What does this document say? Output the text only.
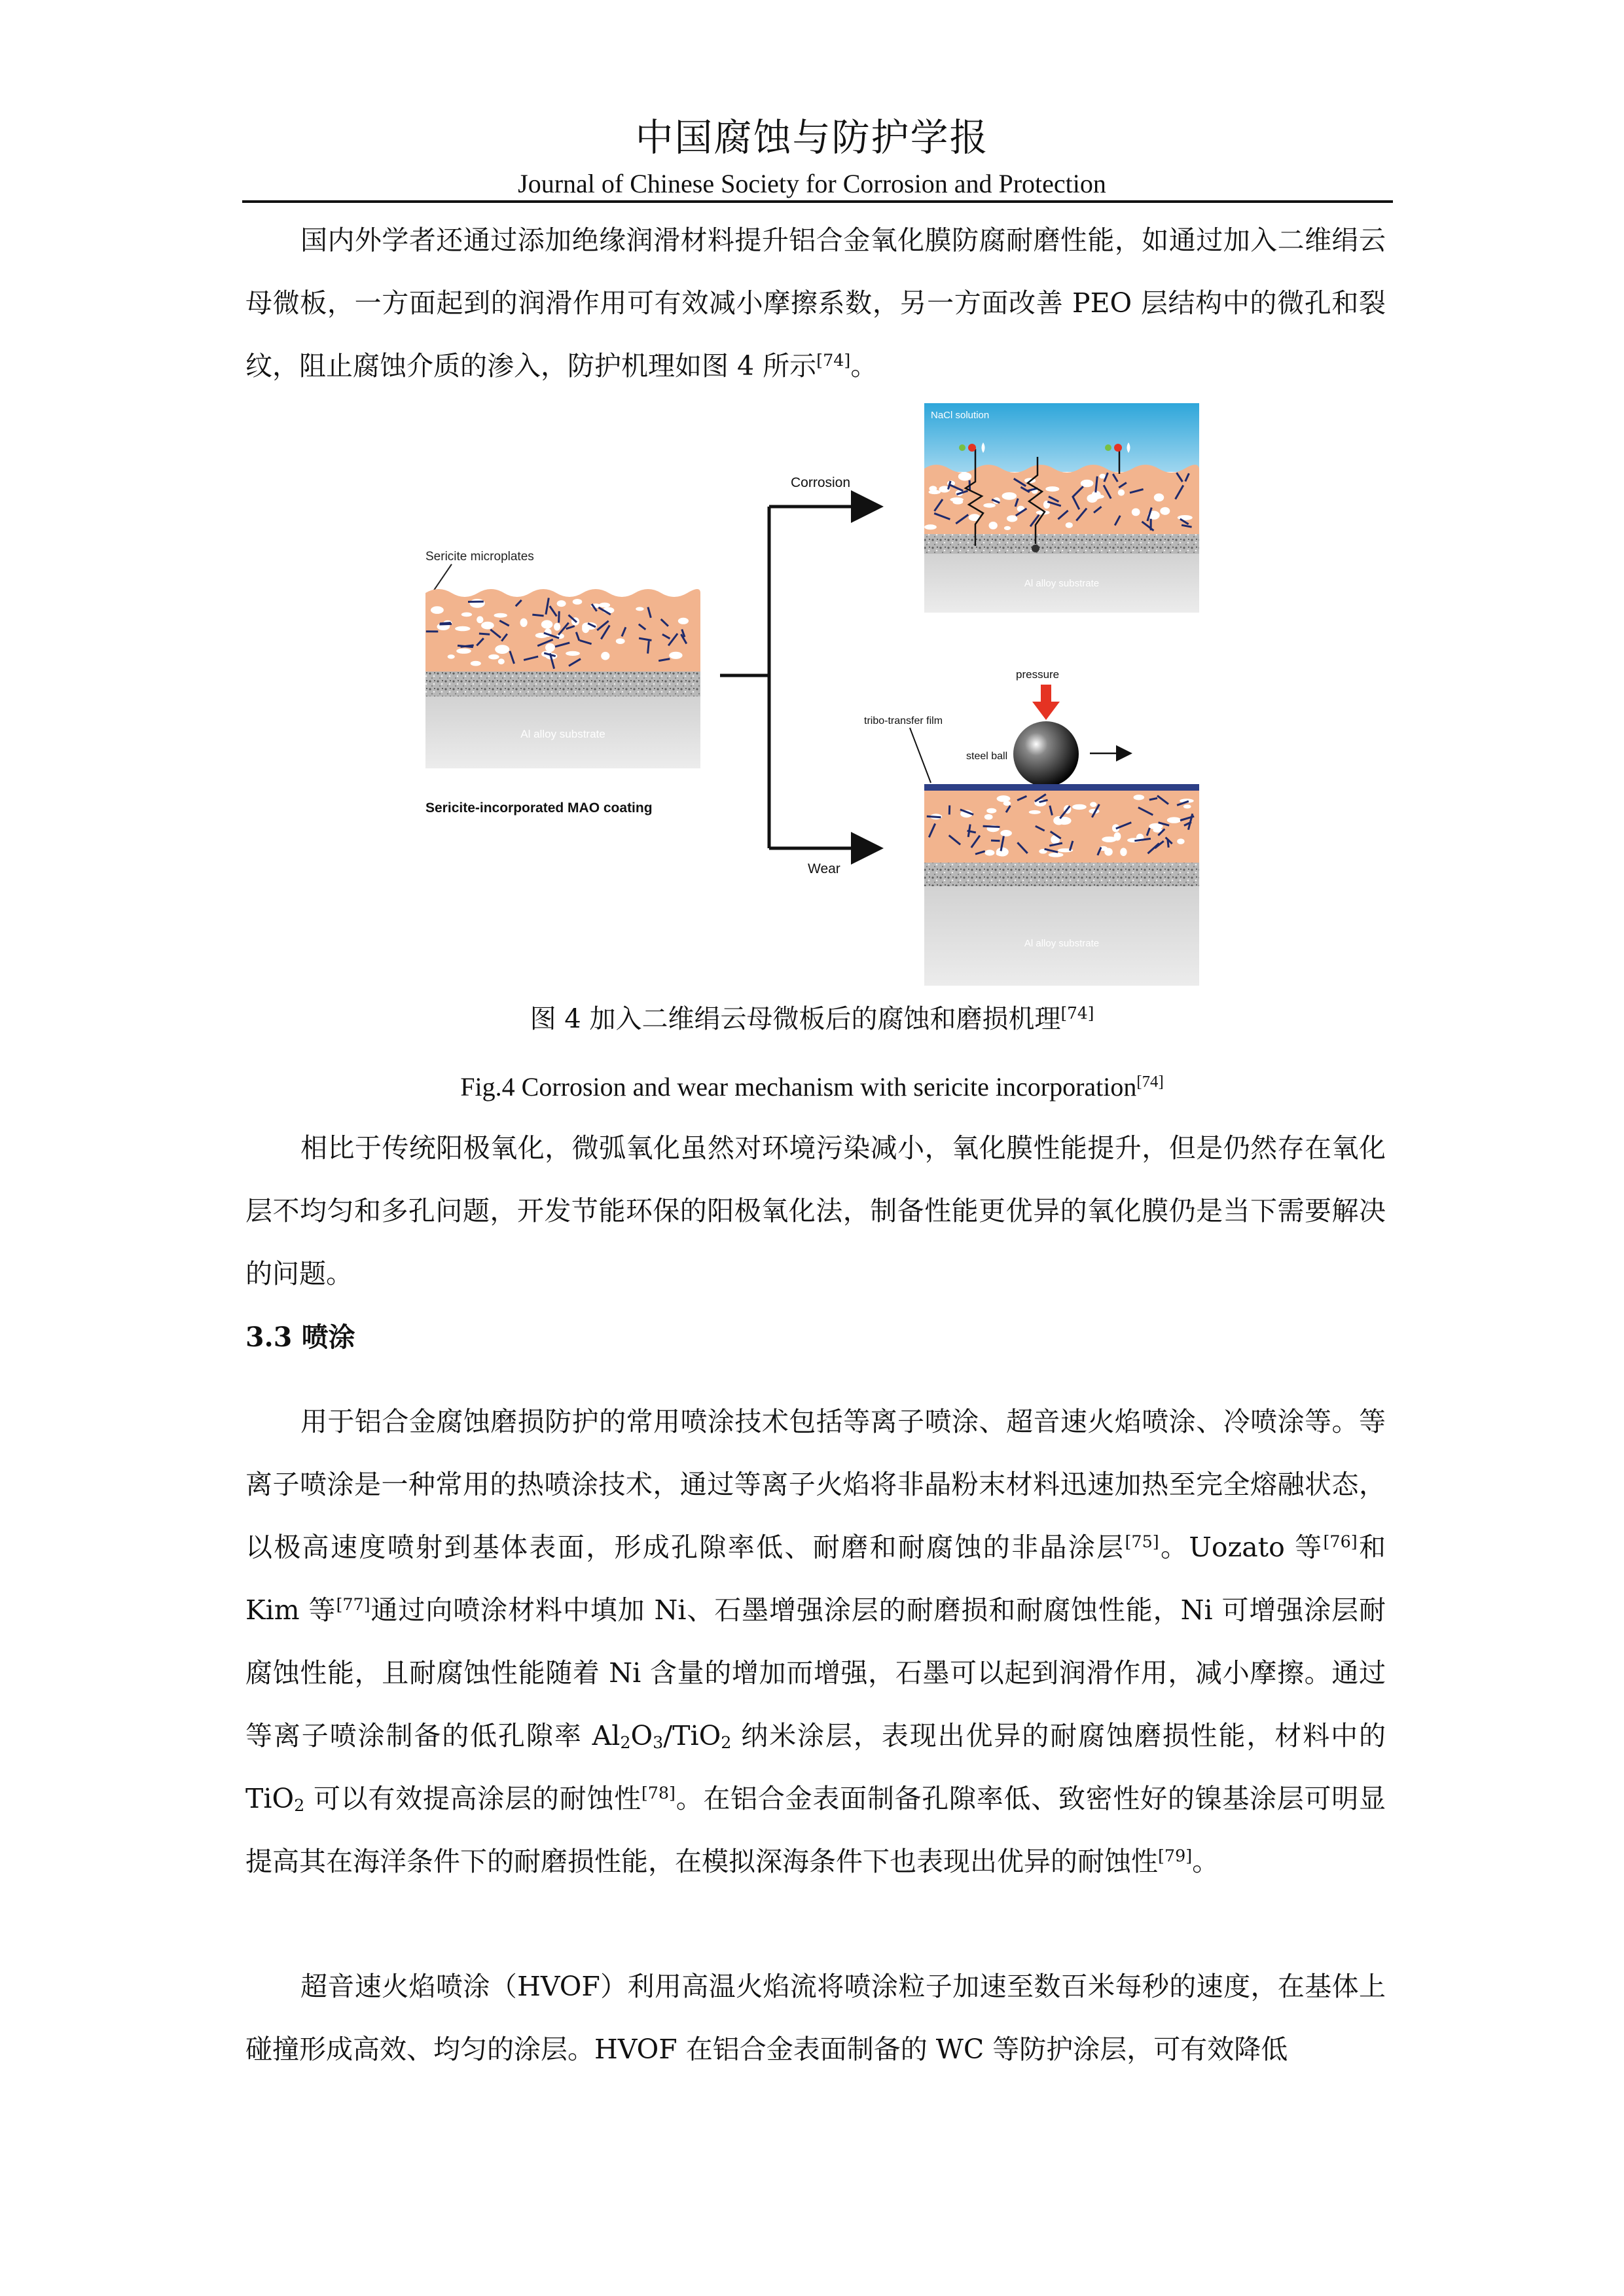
中国腐蚀与防护学报
Journal of Chinese Society for Corrosion and Protection

国内外学者还通过添加绝缘润滑材料提升铝合金氧化膜防腐耐磨性能，如通过加入二维绢云母微板，一方面起到的润滑作用可有效减小摩擦系数，另一方面改善 PEO 层结构中的微孔和裂纹，阻止腐蚀介质的渗入，防护机理如图 4 所示[74]。

Sericite microplates
Al alloy substrate
Sericite-incorporated MAO coating
Corrosion
Wear
NaCl solution
Al alloy substrate
pressure
steel ball
tribo-transfer film
Al alloy substrate
图 4 加入二维绢云母微板后的腐蚀和磨损机理[74]
Fig.4 Corrosion and wear mechanism with sericite incorporation[74]

相比于传统阳极氧化，微弧氧化虽然对环境污染减小，氧化膜性能提升，但是仍然存在氧化层不均匀和多孔问题，开发节能环保的阳极氧化法，制备性能更优异的氧化膜仍是当下需要解决的问题。

3.3 喷涂

用于铝合金腐蚀磨损防护的常用喷涂技术包括等离子喷涂、超音速火焰喷涂、冷喷涂等。等离子喷涂是一种常用的热喷涂技术，通过等离子火焰将非晶粉末材料迅速加热至完全熔融状态，以极高速度喷射到基体表面，形成孔隙率低、耐磨和耐腐蚀的非晶涂层[75]。Uozato 等[76]和 Kim 等[77]通过向喷涂材料中填加 Ni、石墨增强涂层的耐磨损和耐腐蚀性能，Ni 可增强涂层耐腐蚀性能，且耐腐蚀性能随着 Ni 含量的增加而增强，石墨可以起到润滑作用，减小摩擦。通过等离子喷涂制备的低孔隙率 $Al_2O_3/TiO_2$ 纳米涂层，表现出优异的耐腐蚀磨损性能，材料中的 TiO$_2$ 可以有效提高涂层的耐蚀性[78]。在铝合金表面制备孔隙率低、致密性好的镍基涂层可明显提高其在海洋条件下的耐磨损性能，在模拟深海条件下也表现出优异的耐蚀性[79]。

超音速火焰喷涂（HVOF）利用高温火焰流将喷涂粒子加速至数百米每秒的速度，在基体上碰撞形成高效、均匀的涂层。HVOF 在铝合金表面制备的 WC 等防护涂层，可有效降低
